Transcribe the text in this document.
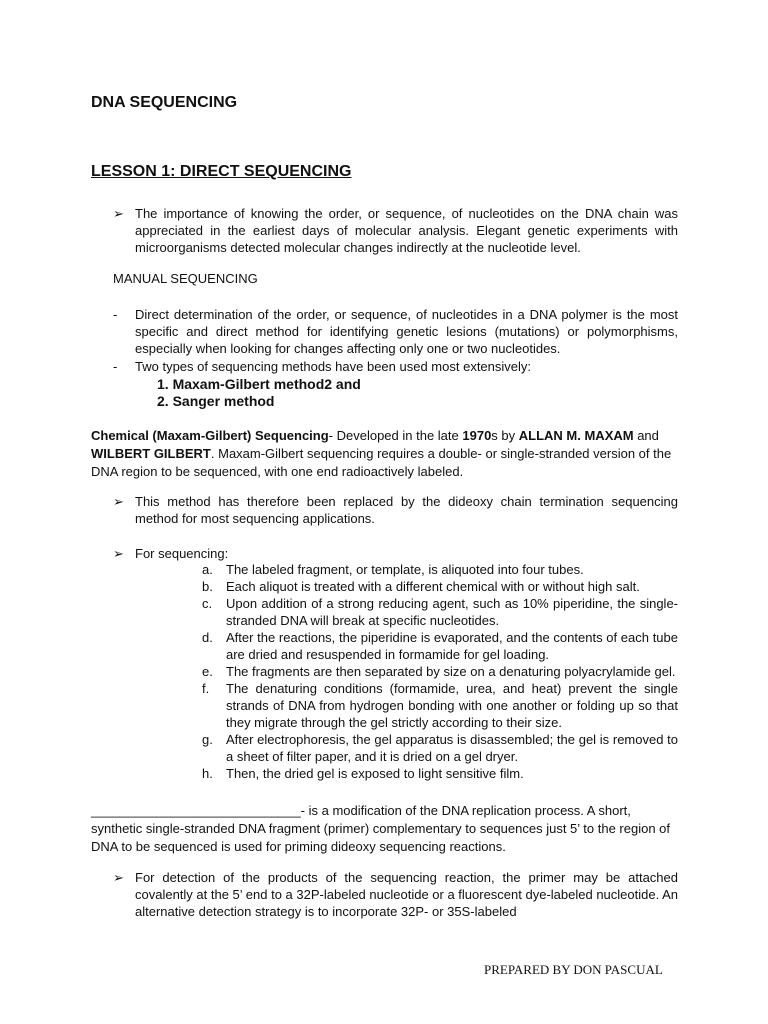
DNA SEQUENCING
LESSON 1: DIRECT SEQUENCING
➢ The importance of knowing the order, or sequence, of nucleotides on the DNA chain was appreciated in the earliest days of molecular analysis. Elegant genetic experiments with microorganisms detected molecular changes indirectly at the nucleotide level.
MANUAL SEQUENCING
- Direct determination of the order, or sequence, of nucleotides in a DNA polymer is the most specific and direct method for identifying genetic lesions (mutations) or polymorphisms, especially when looking for changes affecting only one or two nucleotides.
- Two types of sequencing methods have been used most extensively:
1. Maxam-Gilbert method2 and
2. Sanger method
Chemical (Maxam-Gilbert) Sequencing- Developed in the late 1970s by ALLAN M. MAXAM and WILBERT GILBERT. Maxam-Gilbert sequencing requires a double- or single-stranded version of the DNA region to be sequenced, with one end radioactively labeled.
➢ This method has therefore been replaced by the dideoxy chain termination sequencing method for most sequencing applications.
➢ For sequencing:
a. The labeled fragment, or template, is aliquoted into four tubes.
b. Each aliquot is treated with a different chemical with or without high salt.
c. Upon addition of a strong reducing agent, such as 10% piperidine, the single-stranded DNA will break at specific nucleotides.
d. After the reactions, the piperidine is evaporated, and the contents of each tube are dried and resuspended in formamide for gel loading.
e. The fragments are then separated by size on a denaturing polyacrylamide gel.
f. The denaturing conditions (formamide, urea, and heat) prevent the single strands of DNA from hydrogen bonding with one another or folding up so that they migrate through the gel strictly according to their size.
g. After electrophoresis, the gel apparatus is disassembled; the gel is removed to a sheet of filter paper, and it is dried on a gel dryer.
h. Then, the dried gel is exposed to light sensitive film.
_____________________________- is a modification of the DNA replication process. A short, synthetic single-stranded DNA fragment (primer) complementary to sequences just 5’ to the region of DNA to be sequenced is used for priming dideoxy sequencing reactions.
➢ For detection of the products of the sequencing reaction, the primer may be attached covalently at the 5’ end to a 32P-labeled nucleotide or a fluorescent dye-labeled nucleotide. An alternative detection strategy is to incorporate 32P- or 35S-labeled
PREPARED BY DON PASCUAL
